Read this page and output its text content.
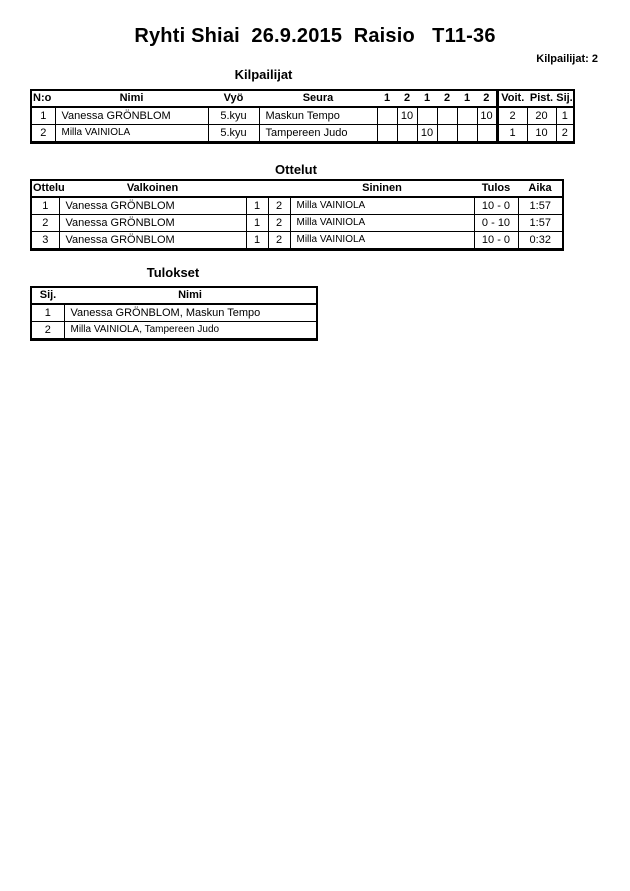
Ryhti Shiai  26.9.2015  Raisio   T11-36
Kilpailijat: 2
Kilpailijat
N:o	Nimi	Vyö	Seura	1	2	1	2	1	2	Voit.	Pist.	Sij.
1	Vanessa GRÖNBLOM	5.kyu	Maskun Tempo		10				10	2	20	1
2	Milla VAINIOLA	5.kyu	Tampereen Judo			10				1	10	2
Ottelut
Ottelu	Valkoinen			Sininen	Tulos	Aika
1	Vanessa GRÖNBLOM	1	2	Milla VAINIOLA	10 - 0	1:57
2	Vanessa GRÖNBLOM	1	2	Milla VAINIOLA	0 - 10	1:57
3	Vanessa GRÖNBLOM	1	2	Milla VAINIOLA	10 - 0	0:32
Tulokset
Sij.	Nimi
1	Vanessa GRÖNBLOM, Maskun Tempo
2	Milla VAINIOLA, Tampereen Judo
